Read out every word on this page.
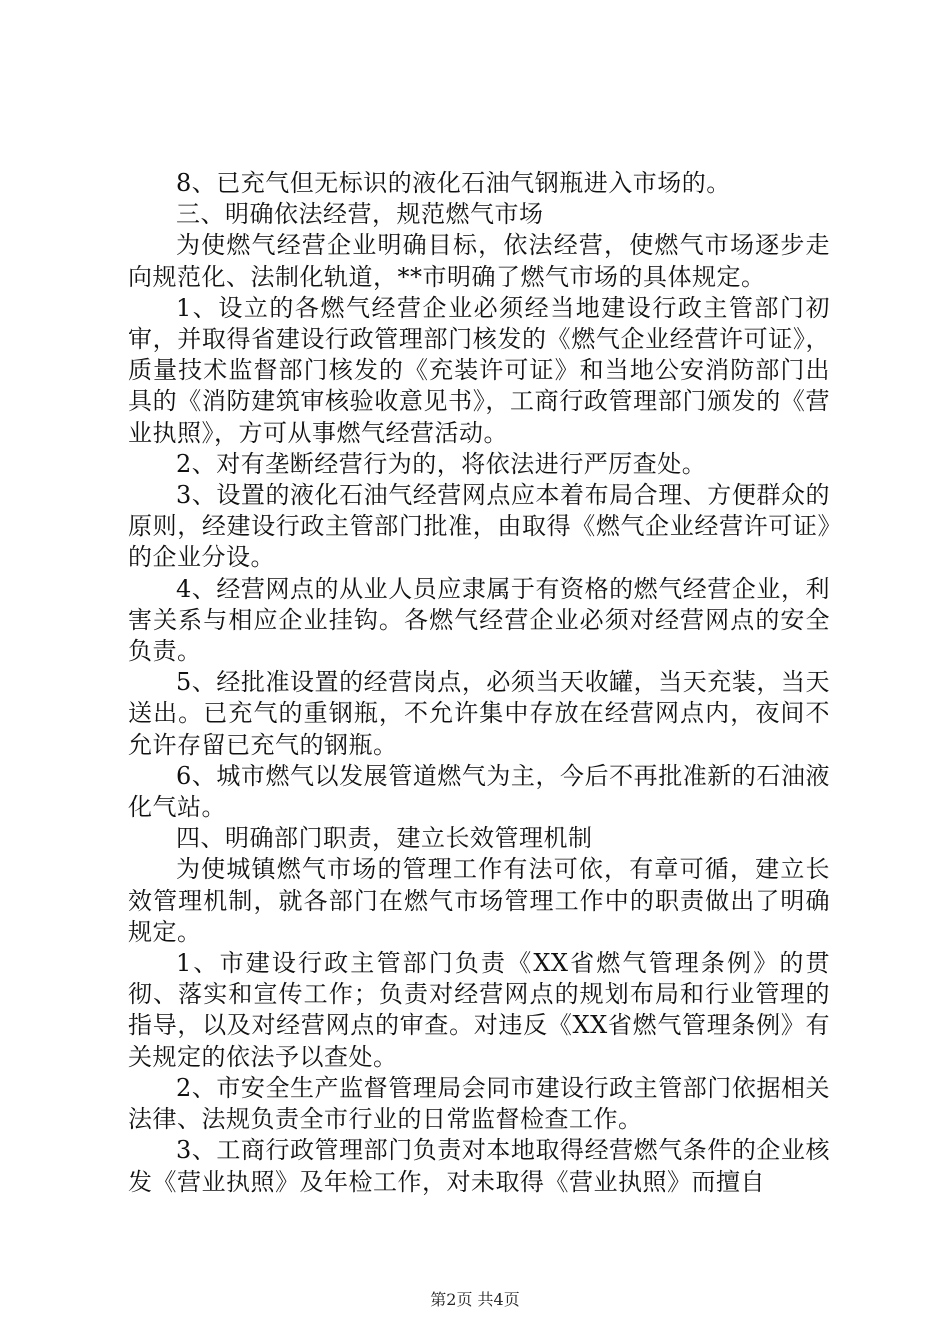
8、已充气但无标识的液化石油气钢瓶进入市场的。

三、明确依法经营，规范燃气市场

为使燃气经营企业明确目标，依法经营，使燃气市场逐步走向规范化、法制化轨道，**市明确了燃气市场的具体规定。

1、设立的各燃气经营企业必须经当地建设行政主管部门初审，并取得省建设行政管理部门核发的《燃气企业经营许可证》，质量技术监督部门核发的《充装许可证》和当地公安消防部门出具的《消防建筑审核验收意见书》，工商行政管理部门颁发的《营业执照》，方可从事燃气经营活动。

2、对有垄断经营行为的，将依法进行严厉查处。

3、设置的液化石油气经营网点应本着布局合理、方便群众的原则，经建设行政主管部门批准，由取得《燃气企业经营许可证》的企业分设。

4、经营网点的从业人员应隶属于有资格的燃气经营企业，利害关系与相应企业挂钩。各燃气经营企业必须对经营网点的安全负责。

5、经批准设置的经营岗点，必须当天收罐，当天充装，当天送出。已充气的重钢瓶，不允许集中存放在经营网点内，夜间不允许存留已充气的钢瓶。

6、城市燃气以发展管道燃气为主，今后不再批准新的石油液化气站。

四、明确部门职责，建立长效管理机制

为使城镇燃气市场的管理工作有法可依，有章可循，建立长效管理机制，就各部门在燃气市场管理工作中的职责做出了明确规定。

1、市建设行政主管部门负责《XX省燃气管理条例》的贯彻、落实和宣传工作；负责对经营网点的规划布局和行业管理的指导，以及对经营网点的审查。对违反《XX省燃气管理条例》有关规定的依法予以查处。

2、市安全生产监督管理局会同市建设行政主管部门依据相关法律、法规负责全市行业的日常监督检查工作。

3、工商行政管理部门负责对本地取得经营燃气条件的企业核发《营业执照》及年检工作，对未取得《营业执照》而擅自

第2页 共4页
